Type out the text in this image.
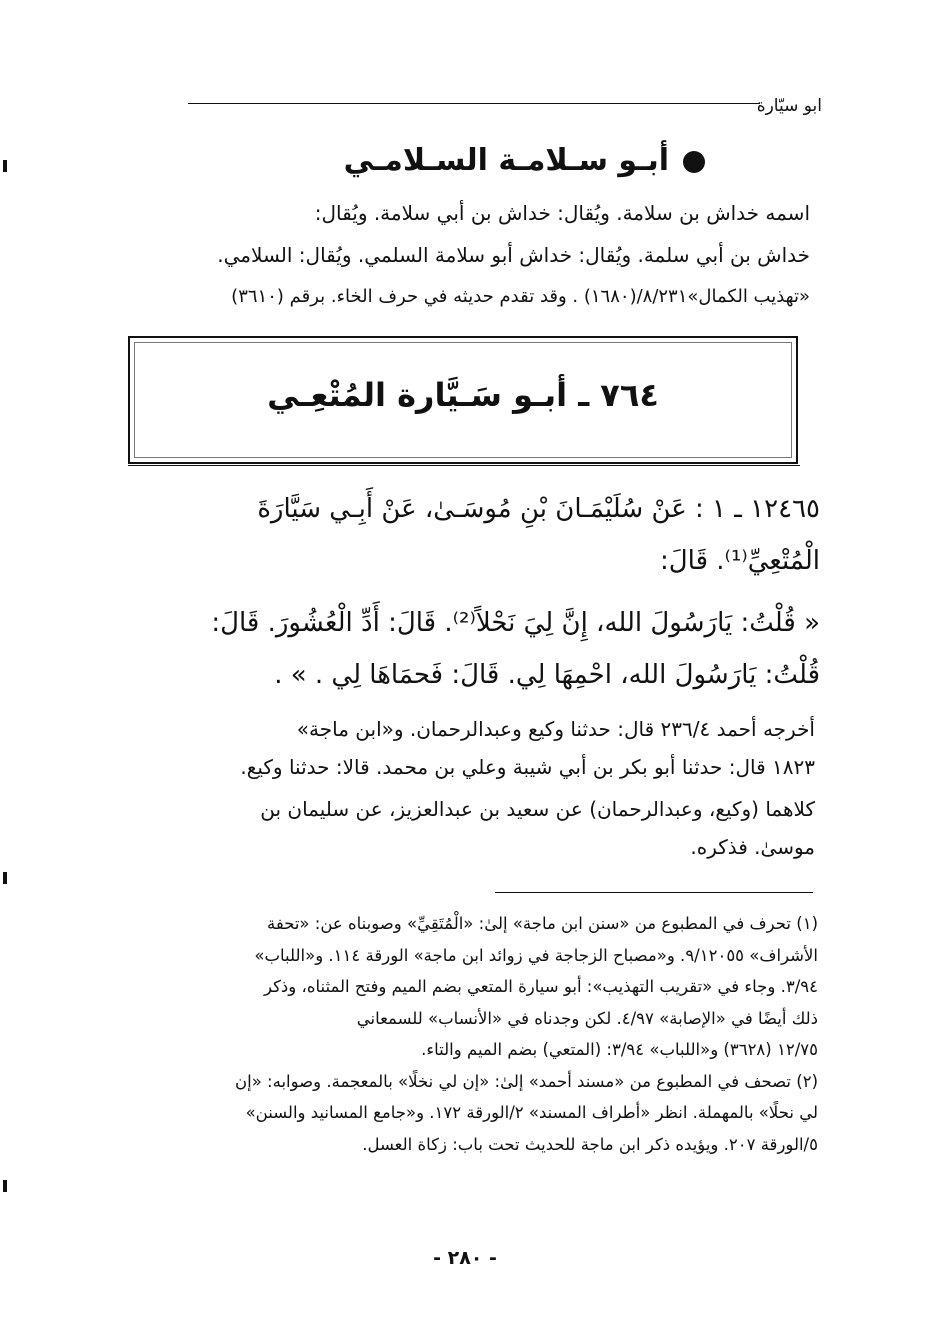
ابو سيّارة
أبـو سـلامـة السـلامـي
اسمه خداش بن سلامة. ويُقال: خداش بن أبي سلامة. ويُقال:
خداش بن أبي سلمة. ويُقال: خداش أبو سلامة السلمي. ويُقال: السلامي.
«تهذيب الكمال»٨/٢٣١/(١٦٨٠) . وقد تقدم حديثه في حرف الخاء. برقم (٣٦١٠)
٧٦٤ ـ أبـو سَـيَّارة المُتْعِـي
١٢٤٦٥ ـ ١ : عَنْ سُلَيْمَـانَ بْنِ مُوسَـىٰ، عَنْ أَبِـي سَيَّارَةَ
الْمُتْعِيِّ⁽¹⁾. قَالَ:
« قُلْتُ: يَارَسُولَ الله، إِنَّ لِيَ نَحْلاً⁽²⁾. قَالَ: أَدِّ الْعُشُورَ. قَالَ:
قُلْتُ: يَارَسُولَ الله، احْمِهَا لِي. قَالَ: فَحمَاهَا لِي . » .
أخرجه أحمد ٢٣٦/٤ قال: حدثنا وكيع وعبدالرحمان. و«ابن ماجة»
١٨٢٣ قال: حدثنا أبو بكر بن أبي شيبة وعلي بن محمد. قالا: حدثنا وكيع.
كلاهما (وكيع، وعبدالرحمان) عن سعيد بن عبدالعزيز، عن سليمان بن
موسىٰ. فذكره.
(١) تحرف في المطبوع من «سنن ابن ماجة» إلىٰ: «الْمُتَقِيِّ» وصوبناه عن: «تحفة
الأشراف» ٩/١٢٠٥٥. و«مصباح الزجاجة في زوائد ابن ماجة» الورقة ١١٤. و«اللباب»
٣/٩٤. وجاء في «تقريب التهذيب»: أبو سيارة المتعي بضم الميم وفتح المثناه، وذكر
ذلك أيضًا في «الإصابة» ٤/٩٧. لكن وجدناه في «الأنساب» للسمعاني
١٢/٧٥ (٣٦٢٨) و«اللباب» ٣/٩٤: (المتعي) بضم الميم والتاء.
(٢) تصحف في المطبوع من «مسند أحمد» إلىٰ: «إن لي نخلًا» بالمعجمة. وصوابه: «إن
لي نحلًا» بالمهملة. انظر «أطراف المسند» ٢/الورقة ١٧٢. و«جامع المسانيد والسنن»
٥/الورقة ٢٠٧. ويؤيده ذكر ابن ماجة للحديث تحت باب: زكاة العسل.
- ٢٨٠ -
